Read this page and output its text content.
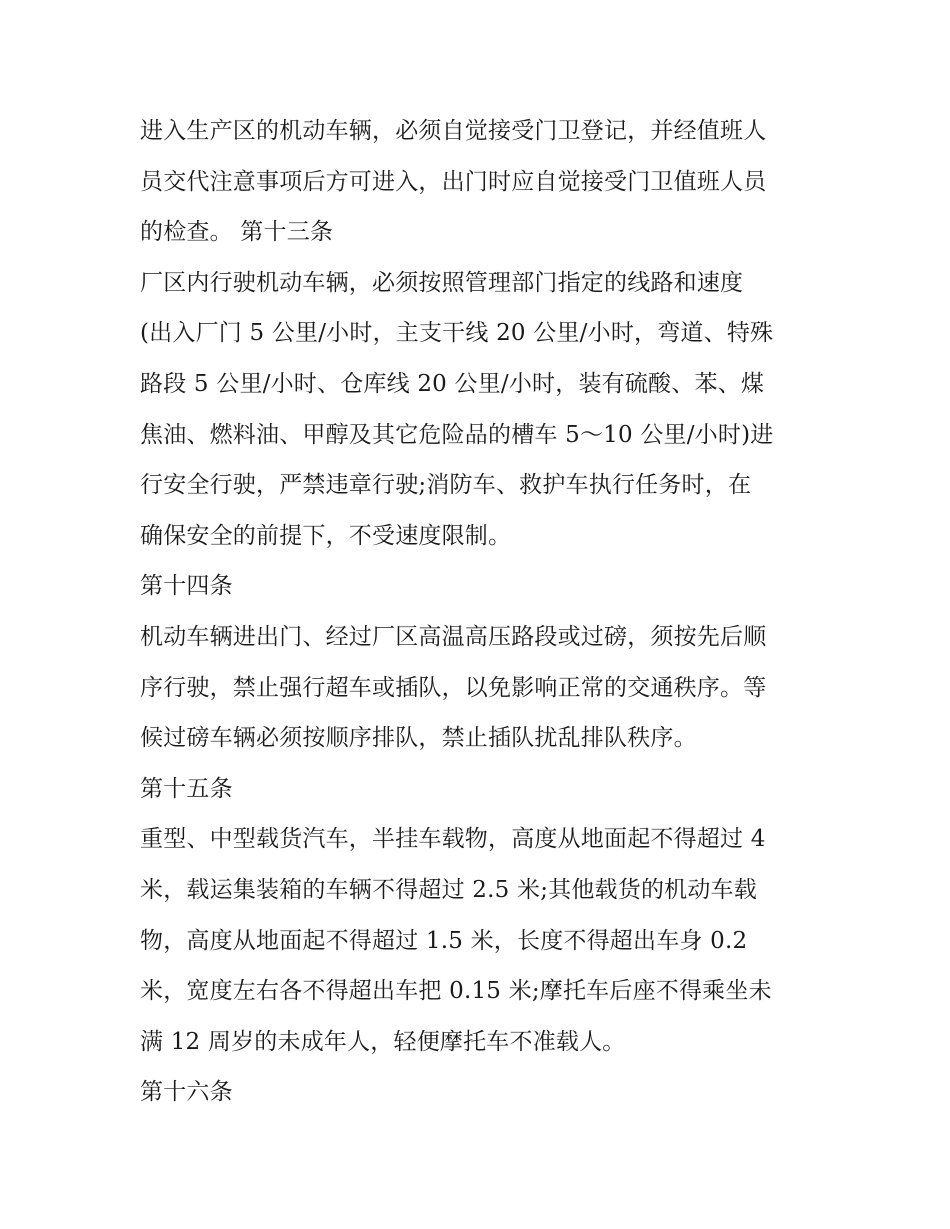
进入生产区的机动车辆，必须自觉接受门卫登记，并经值班人
员交代注意事项后方可进入，出门时应自觉接受门卫值班人员
的检查。 第十三条
厂区内行驶机动车辆，必须按照管理部门指定的线路和速度
(出入厂门 5 公里/小时，主支干线 20 公里/小时，弯道、特殊
路段 5 公里/小时、仓库线 20 公里/小时，装有硫酸、苯、煤
焦油、燃料油、甲醇及其它危险品的槽车 5～10 公里/小时)进
行安全行驶，严禁违章行驶;消防车、救护车执行任务时，在
确保安全的前提下，不受速度限制。
第十四条
机动车辆进出门、经过厂区高温高压路段或过磅，须按先后顺
序行驶，禁止强行超车或插队，以免影响正常的交通秩序。等
候过磅车辆必须按顺序排队，禁止插队扰乱排队秩序。
第十五条
重型、中型载货汽车，半挂车载物，高度从地面起不得超过 4
米，载运集装箱的车辆不得超过 2.5 米;其他载货的机动车载
物，高度从地面起不得超过 1.5 米，长度不得超出车身 0.2
米，宽度左右各不得超出车把 0.15 米;摩托车后座不得乘坐未
满 12 周岁的未成年人，轻便摩托车不准载人。
第十六条
